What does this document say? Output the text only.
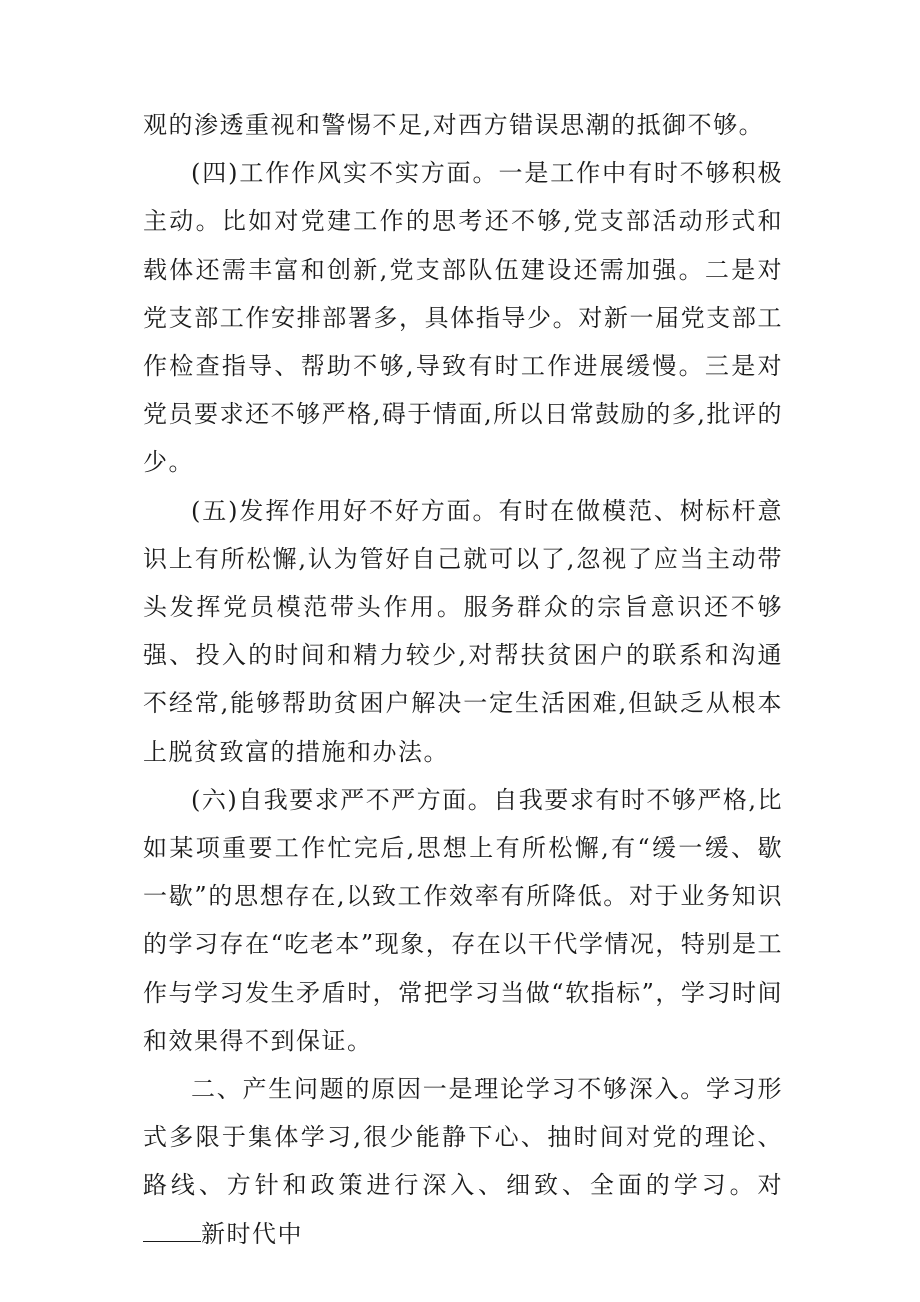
观的渗透重视和警惕不足,对西方错误思潮的抵御不够。

(四)工作作风实不实方面。一是工作中有时不够积极主动。比如对党建工作的思考还不够,党支部活动形式和载体还需丰富和创新,党支部队伍建设还需加强。二是对党支部工作安排部署多，具体指导少。对新一届党支部工作检查指导、帮助不够,导致有时工作进展缓慢。三是对党员要求还不够严格,碍于情面,所以日常鼓励的多,批评的少。

(五)发挥作用好不好方面。有时在做模范、树标杆意识上有所松懈,认为管好自己就可以了,忽视了应当主动带头发挥党员模范带头作用。服务群众的宗旨意识还不够强、投入的时间和精力较少,对帮扶贫困户的联系和沟通不经常,能够帮助贫困户解决一定生活困难,但缺乏从根本上脱贫致富的措施和办法。

(六)自我要求严不严方面。自我要求有时不够严格,比如某项重要工作忙完后,思想上有所松懈,有“缓一缓、歇一歇”的思想存在,以致工作效率有所降低。对于业务知识的学习存在“吃老本”现象，存在以干代学情况，特别是工作与学习发生矛盾时，常把学习当做“软指标”，学习时间和效果得不到保证。

二、产生问题的原因一是理论学习不够深入。学习形式多限于集体学习,很少能静下心、抽时间对党的理论、路线、方针和政策进行深入、细致、全面的学习。对新时代中
